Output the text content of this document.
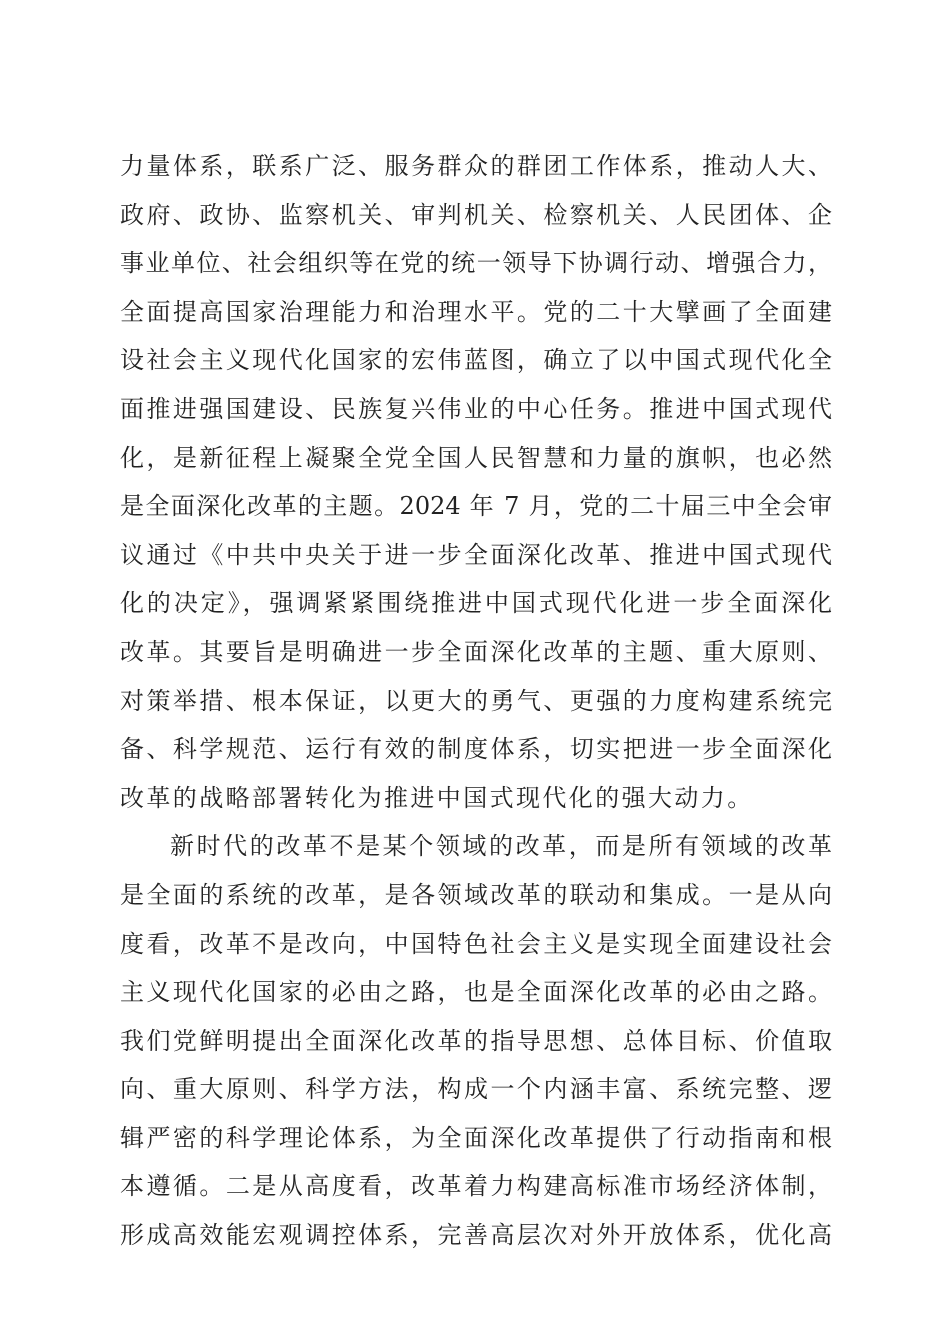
力量体系，联系广泛、服务群众的群团工作体系，推动人大、
政府、政协、监察机关、审判机关、检察机关、人民团体、企
事业单位、社会组织等在党的统一领导下协调行动、增强合力，
全面提高国家治理能力和治理水平。党的二十大擘画了全面建
设社会主义现代化国家的宏伟蓝图，确立了以中国式现代化全
面推进强国建设、民族复兴伟业的中心任务。推进中国式现代
化，是新征程上凝聚全党全国人民智慧和力量的旗帜，也必然
是全面深化改革的主题。2024 年 7 月，党的二十届三中全会审
议通过《中共中央关于进一步全面深化改革、推进中国式现代
化的决定》，强调紧紧围绕推进中国式现代化进一步全面深化
改革。其要旨是明确进一步全面深化改革的主题、重大原则、
对策举措、根本保证，以更大的勇气、更强的力度构建系统完
备、科学规范、运行有效的制度体系，切实把进一步全面深化
改革的战略部署转化为推进中国式现代化的强大动力。
新时代的改革不是某个领域的改革，而是所有领域的改革
是全面的系统的改革，是各领域改革的联动和集成。一是从向
度看，改革不是改向，中国特色社会主义是实现全面建设社会
主义现代化国家的必由之路，也是全面深化改革的必由之路。
我们党鲜明提出全面深化改革的指导思想、总体目标、价值取
向、重大原则、科学方法，构成一个内涵丰富、系统完整、逻
辑严密的科学理论体系，为全面深化改革提供了行动指南和根
本遵循。二是从高度看，改革着力构建高标准市场经济体制，
形成高效能宏观调控体系，完善高层次对外开放体系，优化高
